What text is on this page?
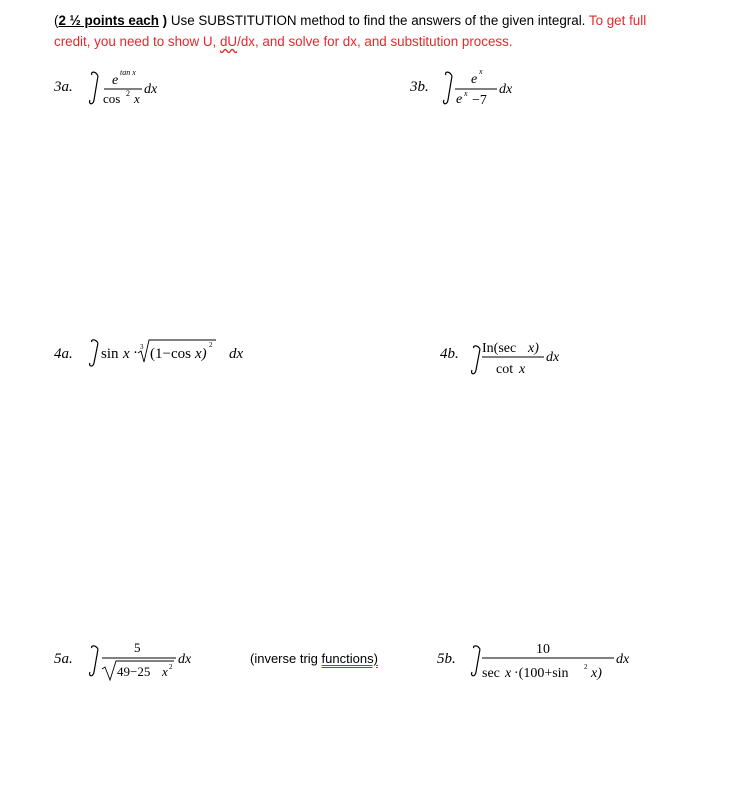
(2 ½ points each ) Use SUBSTITUTION method to find the answers of the given integral. To get full
credit, you need to show U, dU/dx, and solve for dx, and substitution process.
3a.	e
tan x
cos 2 x
dx	3b.	e
x
e x −7
dx
4a. sin x · 3 (1−cos x)
2
dx	4b. In(sec x)
cot x
dx
5a.
5
49−25 x 2 dx	(inverse trig functions)	5b.
10
sec x ·(100+sin 2 x)
dx
